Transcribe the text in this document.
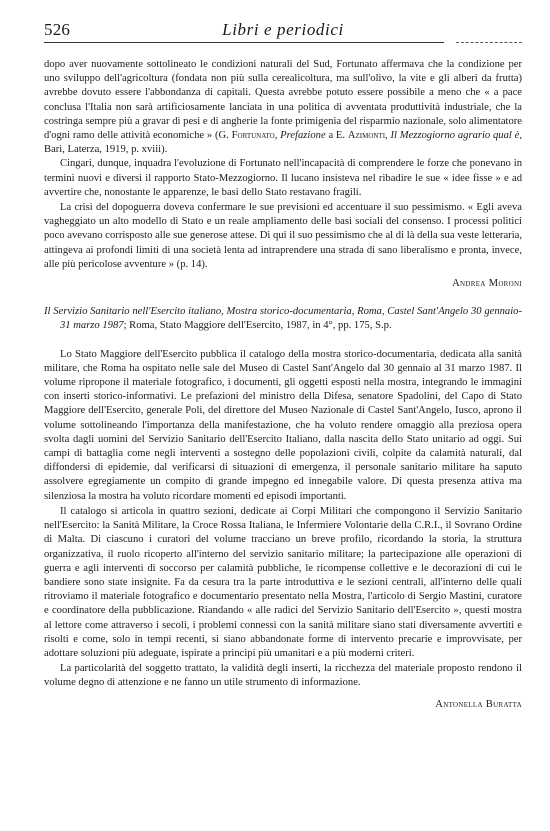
526	Libri e periodici

dopo aver nuovamente sottolineato le condizioni naturali del Sud, Fortunato affermava che la condizione per uno sviluppo dell'agricoltura (fondata non più sulla cerealicoltura, ma sull'olivo, la vite e gli alberi da frutta) avrebbe dovuto essere l'abbondanza di capitali. Questa avrebbe potuto essere possibile a meno che « a pace conclusa l'Italia non sarà artificiosamente lanciata in una politica di avventata produttività industriale, che la costringa sempre più a gravar di pesi e di angherie la fonte primigenia del risparmio nazionale, solo alimentatore d'ogni ramo delle attività economiche » (G. Fortunato, Prefazione a E. Azimonti, Il Mezzogiorno agrario qual è, Bari, Laterza, 1919, p. xviii).

Cingari, dunque, inquadra l'evoluzione di Fortunato nell'incapacità di comprendere le forze che ponevano in termini nuovi e diversi il rapporto Stato-Mezzogiorno. Il lucano insisteva nel ribadire le sue « idee fisse » e ad avvertire che, nonostante le apparenze, le basi dello Stato restavano fragili.

La crisi del dopoguerra doveva confermare le sue previsioni ed accentuare il suo pessimismo. « Egli aveva vagheggiato un alto modello di Stato e un reale ampliamento delle basi sociali del consenso. I processi politici poco avevano corrisposto alle sue generose attese. Di qui il suo pessimismo che al di là della sua veste letteraria, attingeva ai profondi limiti di una società lenta ad intraprendere una strada di sano liberalismo e pronta, invece, alle più pericolose avventure » (p. 14).

Andrea Moroni

Il Servizio Sanitario nell'Esercito italiano, Mostra storico-documentaria, Roma, Castel Sant'Angelo 30 gennaio-31 marzo 1987; Roma, Stato Maggiore dell'Esercito, 1987, in 4°, pp. 175, S.p.

Lo Stato Maggiore dell'Esercito pubblica il catalogo della mostra storico-documentaria, dedicata alla sanità militare, che Roma ha ospitato nelle sale del Museo di Castel Sant'Angelo dal 30 gennaio al 31 marzo 1987. Il volume ripropone il materiale fotografico, i documenti, gli oggetti esposti nella mostra, integrando le immagini con inserti storico-informativi. Le prefazioni del ministro della Difesa, senatore Spadolini, del Capo di Stato Maggiore dell'Esercito, generale Poli, del direttore del Museo Nazionale di Castel Sant'Angelo, Iusco, aprono il volume sottolineando l'importanza della manifestazione, che ha voluto rendere omaggio alla preziosa opera svolta dagli uomini del Servizio Sanitario dell'Esercito Italiano, dalla nascita dello Stato unitario ad oggi. Sui campi di battaglia come negli interventi a sostegno delle popolazioni civili, colpite da calamità naturali, dal diffondersi di epidemie, dal verificarsi di situazioni di emergenza, il personale sanitario militare ha saputo assolvere egregiamente un compito di grande impegno ed innegabile valore. Di questa presenza attiva ma silenziosa la mostra ha voluto ricordare momenti ed episodi importanti.

Il catalogo si articola in quattro sezioni, dedicate ai Corpi Militari che compongono il Servizio Sanitario nell'Esercito: la Sanità Militare, la Croce Rossa Italiana, le Infermiere Volontarie della C.R.I., il Sovrano Ordine di Malta. Di ciascuno i curatori del volume tracciano un breve profilo, ricordando la storia, la struttura organizzativa, il ruolo ricoperto all'interno del servizio sanitario militare; la partecipazione alle operazioni di guerra e agli interventi di soccorso per calamità pubbliche, le ricompense collettive e le decorazioni di cui le bandiere sono state insignite. Fa da cesura tra la parte introduttiva e le sezioni centrali, all'interno delle quali ritroviamo il materiale fotografico e documentario presentato nella Mostra, l'articolo di Sergio Mastini, curatore e coordinatore della pubblicazione. Riandando « alle radici del Servizio Sanitario dell'Esercito », questi mostra al lettore come attraverso i secoli, i problemi connessi con la sanità militare siano stati diversamente avvertiti e risolti e come, solo in tempi recenti, si siano abbandonate forme di intervento precarie e improvvisate, per adottare soluzioni più adeguate, ispirate a principi più umanitari e a più moderni criteri.

La particolarità del soggetto trattato, la validità degli inserti, la ricchezza del materiale proposto rendono il volume degno di attenzione e ne fanno un utile strumento di informazione.

Antonella Buratta
